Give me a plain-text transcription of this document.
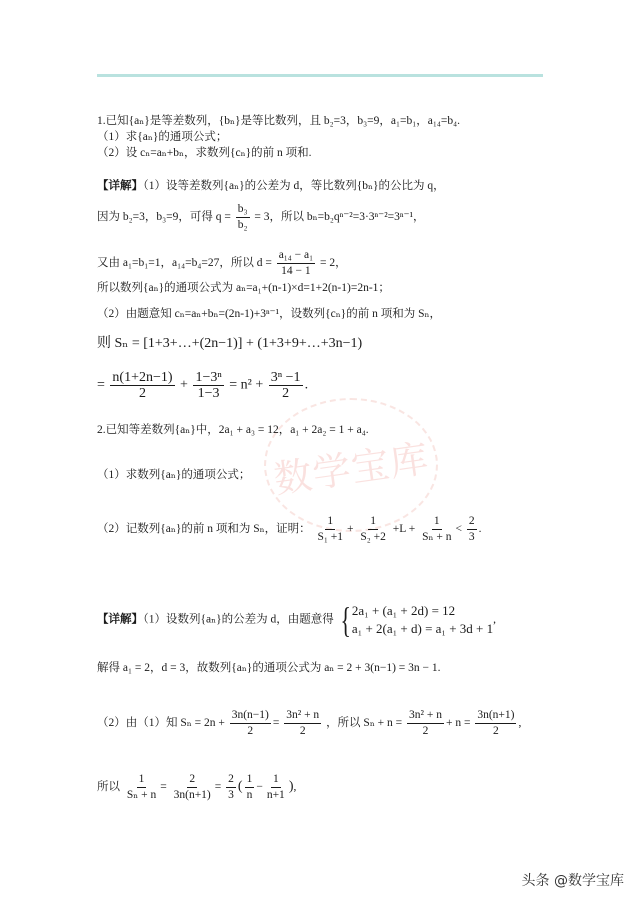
数学宝库
1.已知{aₙ}是等差数列，{bₙ}是等比数列，且 b₂=3，b₃=9，a₁=b₁，a₁₄=b₄.
（1）求{aₙ}的通项公式；
（2）设 cₙ=aₙ+bₙ，求数列{cₙ}的前 n 项和.
【详解】（1）设等差数列{aₙ}的公差为 d，等比数列{bₙ}的公比为 q，
因为 b₂=3，b₃=9，可得 $q = \frac{\text{b₃}}{\text{b₂}} = 3$，所以 bₙ=b₂qⁿ⁻²=3·3ⁿ⁻²=3ⁿ⁻¹，
又由 a₁=b₁=1，a₁₄=b₄=27，所以 $d = \frac{\text{a₁₄ − a₁}}{14 - 1} = 2$，
所以数列{aₙ}的通项公式为 aₙ=a₁+(n-1)×d=1+2(n-1)=2n-1；
（2）由题意知 cₙ=aₙ+bₙ=(2n-1)+3ⁿ⁻¹，设数列{cₙ}的前 n 项和为 Sₙ，
则 Sₙ = [1+3+…+(2n−1)] + (1+3+9+…+3n−1)
= $\frac{n(1+2n-1)}{2} + \frac{\text{1−3ⁿ}}{1-3} = n^2 + \frac{\text{3ⁿ −1}}{2}$ .
2.已知等差数列{aₙ}中，2a₁ + a₃ = 12，a₁ + 2a₂ = 1 + a₄.
（1）求数列{aₙ}的通项公式；
（2）记数列{aₙ}的前 n 项和为 Sₙ，证明： $\frac{1}{\text{S₁ +1}} + \frac{1}{\text{S₂ +2}} +L + \frac{1}{\text{Sₙ + n}} < \frac{2}{3}$ .
【详解】（1）设数列{aₙ}的公差为 d，由题意得 { 2a₁ + (a₁ + 2d) = 12
a₁ + 2(a₁ + d) = a₁ + 3d + 1
,
解得 a₁ = 2，d = 3，故数列{aₙ}的通项公式为 aₙ = 2 + 3(n−1) = 3n − 1.
（2）由（1）知 $S_n = 2n + \frac{3n(n-1)}{2} = \frac{\text{3n² + n}}{2}$ ，所以 $S_n + n = \frac{\text{3n² + n}}{2} + n = \frac{3n(n+1)}{2}$ ,
所以 $\frac{1}{\text{Sₙ + n}} = \frac{2}{3n(n+1)} = \frac{2}{3}$ ( $\frac{1}{n} - \frac{1}{n+1}$ ),
头条 @数学宝库
